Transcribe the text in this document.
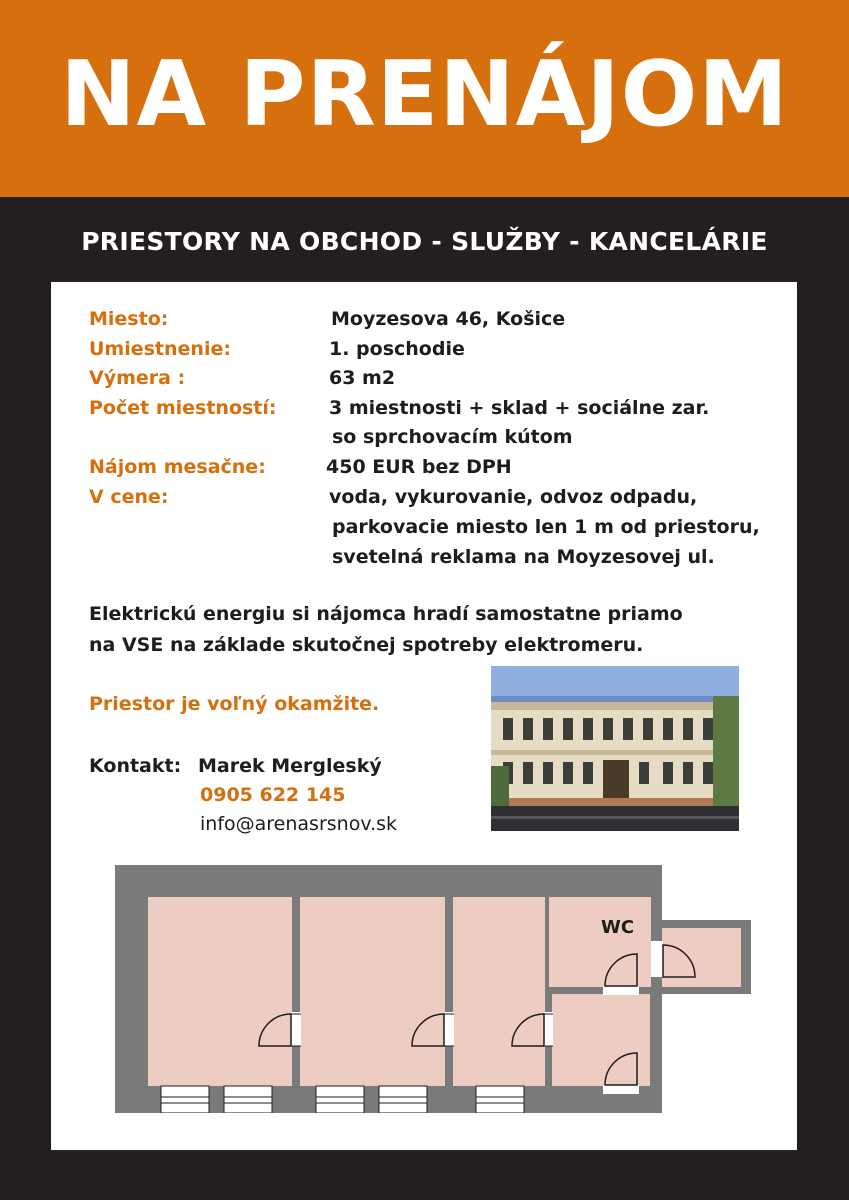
NA PRENÁJOM
PRIESTORY NA OBCHOD - SLUŽBY - KANCELÁRIE
Miesto:	Moyzesova 46, Košice
Umiestnenie:	1. poschodie
Výmera :	63 m2
Počet miestností:	3 miestnosti + sklad + sociálne zar.
so sprchovacím kútom
Nájom mesačne:	450 EUR bez DPH
V cene:	voda, vykurovanie, odvoz odpadu,
parkovacie miesto len 1 m od priestoru,
svetelná reklama na Moyzesovej ul.
Elektrickú energiu si nájomca hradí samostatne priamo
na VSE na základe skutočnej spotreby elektromeru.
Priestor je voľný okamžite.
Kontakt: Marek Mergleský
0905 622 145
info@arenasrsnov.sk
WC
